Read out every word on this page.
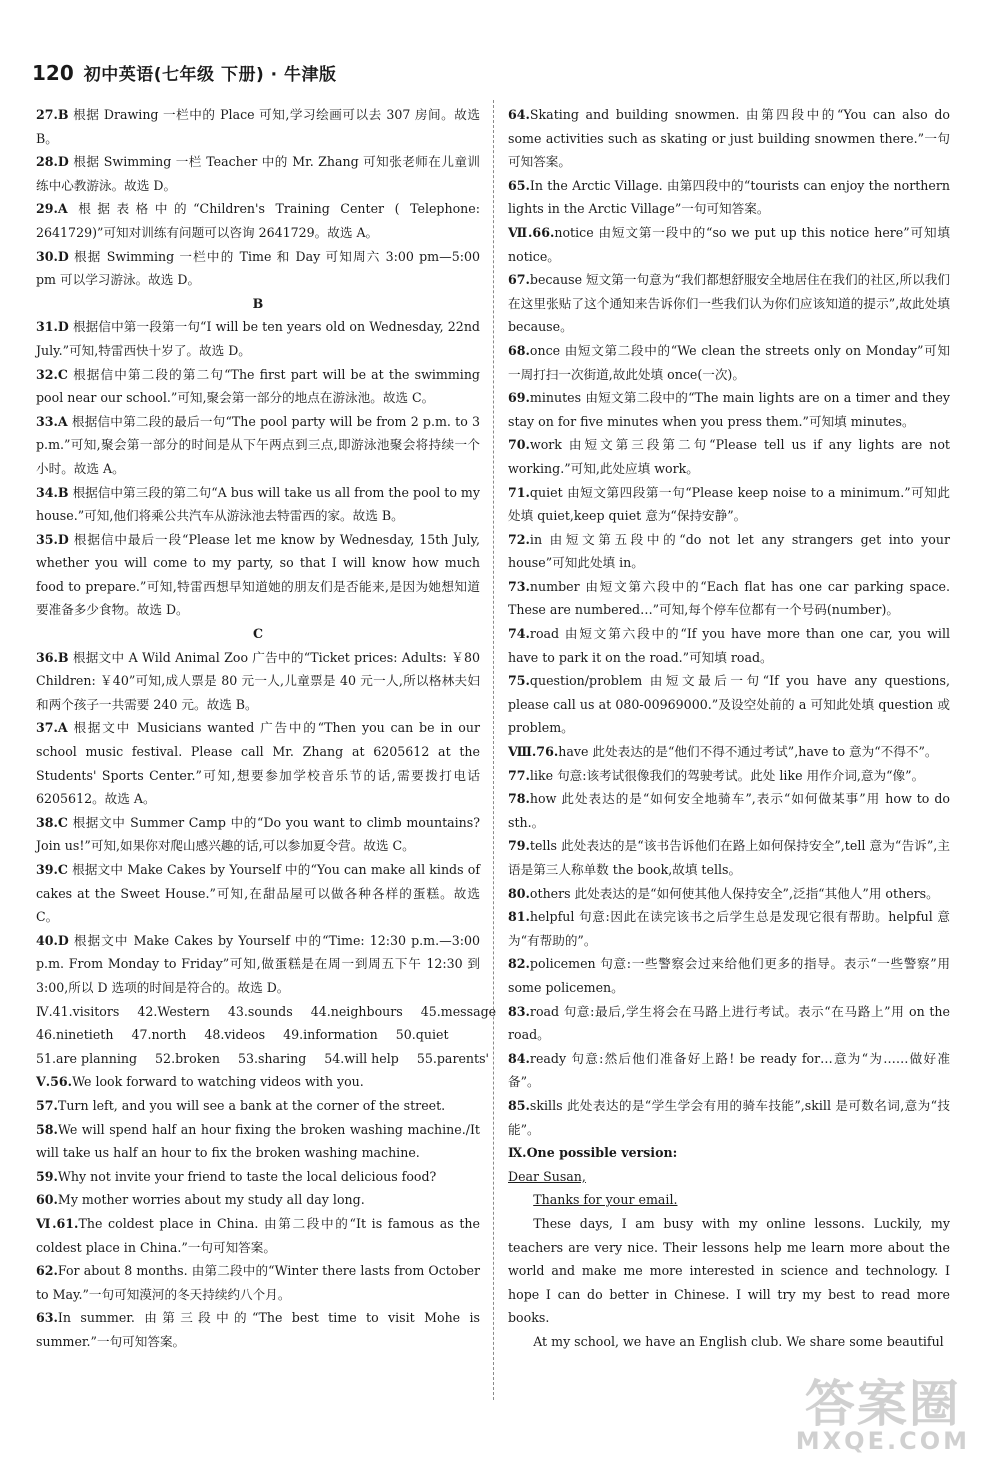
120 初中英语(七年级 下册) · 牛津版

27.B 根据 Drawing 一栏中的 Place 可知,学习绘画可以去 307 房间。故选 B。

28.D 根据 Swimming 一栏 Teacher 中的 Mr. Zhang 可知张老师在儿童训练中心教游泳。故选 D。

29.A 根据表格中的“Children's Training Center ( Telephone: 2641729)”可知对训练有问题可以咨询 2641729。故选 A。

30.D 根据 Swimming 一栏中的 Time 和 Day 可知周六 3:00 pm—5:00 pm 可以学习游泳。故选 D。

B

31.D 根据信中第一段第一句“I will be ten years old on Wednesday, 22nd July.”可知,特雷西快十岁了。故选 D。

32.C 根据信中第二段的第二句“The first part will be at the swimming pool near our school.”可知,聚会第一部分的地点在游泳池。故选 C。

33.A 根据信中第二段的最后一句“The pool party will be from 2 p.m. to 3 p.m.”可知,聚会第一部分的时间是从下午两点到三点,即游泳池聚会将持续一个小时。故选 A。

34.B 根据信中第三段的第二句“A bus will take us all from the pool to my house.”可知,他们将乘公共汽车从游泳池去特雷西的家。故选 B。

35.D 根据信中最后一段“Please let me know by Wednesday, 15th July, whether you will come to my party, so that I will know how much food to prepare.”可知,特雷西想早知道她的朋友们是否能来,是因为她想知道要准备多少食物。故选 D。

C

36.B 根据文中 A Wild Animal Zoo 广告中的“Ticket prices: Adults: ￥80 Children: ￥40”可知,成人票是 80 元一人,儿童票是 40 元一人,所以格林夫妇和两个孩子一共需要 240 元。故选 B。

37.A 根据文中 Musicians wanted 广告中的“Then you can be in our school music festival. Please call Mr. Zhang at 6205612 at the Students' Sports Center.”可知,想要参加学校音乐节的话,需要拨打电话 6205612。故选 A。

38.C 根据文中 Summer Camp 中的“Do you want to climb mountains? Join us!”可知,如果你对爬山感兴趣的话,可以参加夏令营。故选 C。

39.C 根据文中 Make Cakes by Yourself 中的“You can make all kinds of cakes at the Sweet House.”可知,在甜品屋可以做各种各样的蛋糕。故选 C。

40.D 根据文中 Make Cakes by Yourself 中的“Time: 12:30 p.m.—3:00 p.m. From Monday to Friday”可知,做蛋糕是在周一到周五下午 12:30 到 3:00,所以 D 选项的时间是符合的。故选 D。

Ⅳ.41.visitors 42.Western 43.sounds 44.neighbours 45.message
46.ninetieth 47.north 48.videos 49.information 50.quiet
51.are planning 52.broken 53.sharing 54.will help 55.parents'

Ⅴ.56.We look forward to watching videos with you.

57.Turn left, and you will see a bank at the corner of the street.

58.We will spend half an hour fixing the broken washing machine./It will take us half an hour to fix the broken washing machine.

59.Why not invite your friend to taste the local delicious food?

60.My mother worries about my study all day long.

Ⅵ.61.The coldest place in China. 由第二段中的“It is famous as the coldest place in China.”一句可知答案。

62.For about 8 months. 由第二段中的“Winter there lasts from October to May.”一句可知漠河的冬天持续约八个月。

63.In summer. 由第三段中的“The best time to visit Mohe is summer.”一句可知答案。

64.Skating and building snowmen. 由第四段中的“You can also do some activities such as skating or just building snowmen there.”一句可知答案。

65.In the Arctic Village. 由第四段中的“tourists can enjoy the northern lights in the Arctic Village”一句可知答案。

Ⅶ.66.notice 由短文第一段中的“so we put up this notice here”可知填 notice。

67.because 短文第一句意为“我们都想舒服安全地居住在我们的社区,所以我们在这里张贴了这个通知来告诉你们一些我们认为你们应该知道的提示”,故此处填 because。

68.once 由短文第二段中的“We clean the streets only on Monday”可知一周打扫一次街道,故此处填 once(一次)。

69.minutes 由短文第二段中的“The main lights are on a timer and they stay on for five minutes when you press them.”可知填 minutes。

70.work 由短文第三段第二句“Please tell us if any lights are not working.”可知,此处应填 work。

71.quiet 由短文第四段第一句“Please keep noise to a minimum.”可知此处填 quiet,keep quiet 意为“保持安静”。

72.in 由短文第五段中的“do not let any strangers get into your house”可知此处填 in。

73.number 由短文第六段中的“Each flat has one car parking space. These are numbered…”可知,每个停车位都有一个号码(number)。

74.road 由短文第六段中的“If you have more than one car, you will have to park it on the road.”可知填 road。

75.question/problem 由短文最后一句“If you have any questions, please call us at 080-00969000.”及设空处前的 a 可知此处填 question 或 problem。

Ⅷ.76.have 此处表达的是“他们不得不通过考试”,have to 意为“不得不”。

77.like 句意:该考试很像我们的驾驶考试。此处 like 用作介词,意为“像”。

78.how 此处表达的是“如何安全地骑车”,表示“如何做某事”用 how to do sth.。

79.tells 此处表达的是“该书告诉他们在路上如何保持安全”,tell 意为“告诉”,主语是第三人称单数 the book,故填 tells。

80.others 此处表达的是“如何使其他人保持安全”,泛指“其他人”用 others。

81.helpful 句意:因此在读完该书之后学生总是发现它很有帮助。helpful 意为“有帮助的”。

82.policemen 句意:一些警察会过来给他们更多的指导。表示“一些警察”用 some policemen。

83.road 句意:最后,学生将会在马路上进行考试。表示“在马路上”用 on the road。

84.ready 句意:然后他们准备好上路! be ready for…意为“为……做好准备”。

85.skills 此处表达的是“学生学会有用的骑车技能”,skill 是可数名词,意为“技能”。

Ⅸ.One possible version:

Dear Susan,

Thanks for your email.

These days, I am busy with my online lessons. Luckily, my teachers are very nice. Their lessons help me learn more about the world and make me more interested in science and technology. I hope I can do better in Chinese. I will try my best to read more books.

At my school, we have an English club. We share some beautiful

答案圈
MXQE.COM
